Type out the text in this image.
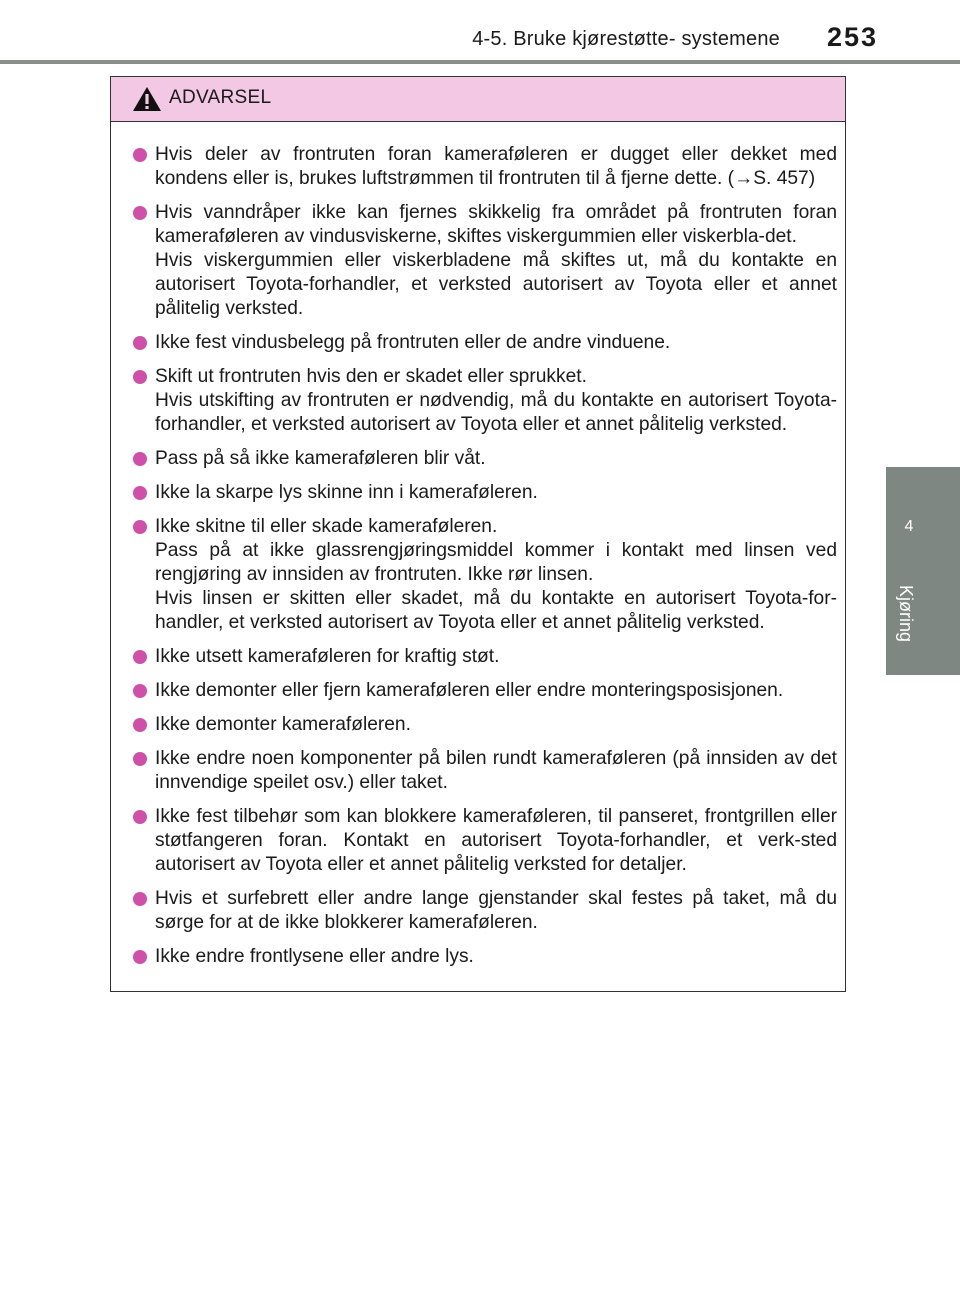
4-5. Bruke kjørestøtte- systemene	253
4
Kjøring
ADVARSEL
Hvis deler av frontruten foran kameraføleren er dugget eller dekket med kondens eller is, brukes luftstrømmen til frontruten til å fjerne dette. (→S. 457)
Hvis vanndråper ikke kan fjernes skikkelig fra området på frontruten foran kameraføleren av vindusviskerne, skiftes viskergummien eller viskerbla-det.
Hvis viskergummien eller viskerbladene må skiftes ut, må du kontakte en autorisert Toyota-forhandler, et verksted autorisert av Toyota eller et annet pålitelig verksted.
Ikke fest vindusbelegg på frontruten eller de andre vinduene.
Skift ut frontruten hvis den er skadet eller sprukket.
Hvis utskifting av frontruten er nødvendig, må du kontakte en autorisert Toyota-forhandler, et verksted autorisert av Toyota eller et annet pålitelig verksted.
Pass på så ikke kameraføleren blir våt.
Ikke la skarpe lys skinne inn i kameraføleren.
Ikke skitne til eller skade kameraføleren.
Pass på at ikke glassrengjøringsmiddel kommer i kontakt med linsen ved rengjøring av innsiden av frontruten. Ikke rør linsen.
Hvis linsen er skitten eller skadet, må du kontakte en autorisert Toyota-for-handler, et verksted autorisert av Toyota eller et annet pålitelig verksted.
Ikke utsett kameraføleren for kraftig støt.
Ikke demonter eller fjern kameraføleren eller endre monteringsposisjonen.
Ikke demonter kameraføleren.
Ikke endre noen komponenter på bilen rundt kameraføleren (på innsiden av det innvendige speilet osv.) eller taket.
Ikke fest tilbehør som kan blokkere kameraføleren, til panseret, frontgrillen eller støtfangeren foran. Kontakt en autorisert Toyota-forhandler, et verk-sted autorisert av Toyota eller et annet pålitelig verksted for detaljer.
Hvis et surfebrett eller andre lange gjenstander skal festes på taket, må du sørge for at de ikke blokkerer kameraføleren.
Ikke endre frontlysene eller andre lys.
